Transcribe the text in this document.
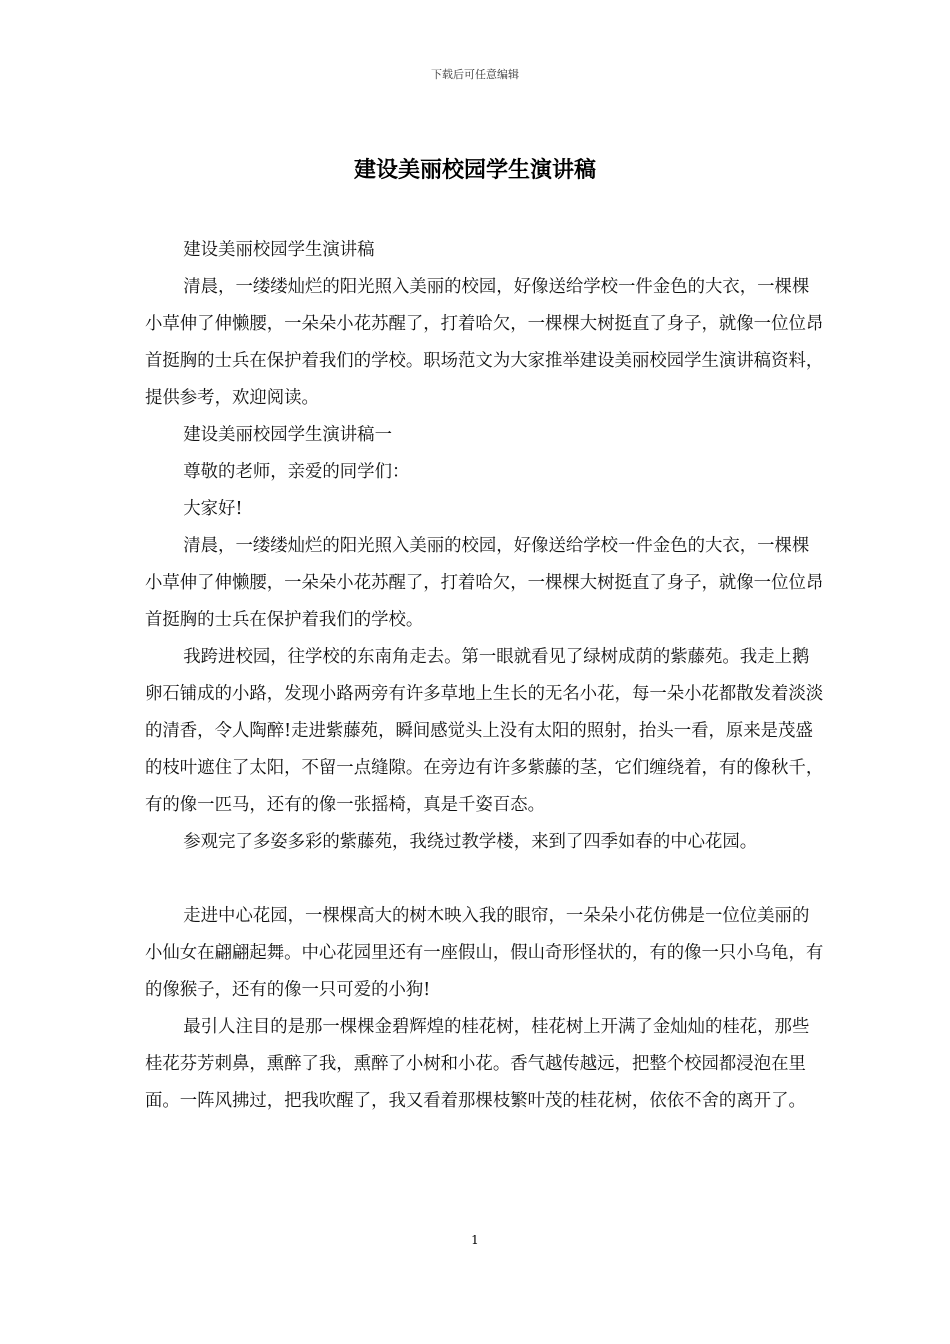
下载后可任意编辑
建设美丽校园学生演讲稿

建设美丽校园学生演讲稿

清晨，一缕缕灿烂的阳光照入美丽的校园，好像送给学校一件金色的大衣，一棵棵小草伸了伸懒腰，一朵朵小花苏醒了，打着哈欠，一棵棵大树挺直了身子，就像一位位昂首挺胸的士兵在保护着我们的学校。职场范文为大家推举建设美丽校园学生演讲稿资料，提供参考，欢迎阅读。

建设美丽校园学生演讲稿一

尊敬的老师，亲爱的同学们：

大家好!

清晨，一缕缕灿烂的阳光照入美丽的校园，好像送给学校一件金色的大衣，一棵棵小草伸了伸懒腰，一朵朵小花苏醒了，打着哈欠，一棵棵大树挺直了身子，就像一位位昂首挺胸的士兵在保护着我们的学校。

我跨进校园，往学校的东南角走去。第一眼就看见了绿树成荫的紫藤苑。我走上鹅卵石铺成的小路，发现小路两旁有许多草地上生长的无名小花，每一朵小花都散发着淡淡的清香，令人陶醉!走进紫藤苑，瞬间感觉头上没有太阳的照射，抬头一看，原来是茂盛的枝叶遮住了太阳，不留一点缝隙。在旁边有许多紫藤的茎，它们缠绕着，有的像秋千，有的像一匹马，还有的像一张摇椅，真是千姿百态。

参观完了多姿多彩的紫藤苑，我绕过教学楼，来到了四季如春的中心花园。

走进中心花园，一棵棵高大的树木映入我的眼帘，一朵朵小花仿佛是一位位美丽的小仙女在翩翩起舞。中心花园里还有一座假山，假山奇形怪状的，有的像一只小乌龟，有的像猴子，还有的像一只可爱的小狗!

最引人注目的是那一棵棵金碧辉煌的桂花树，桂花树上开满了金灿灿的桂花，那些桂花芬芳刺鼻，熏醉了我，熏醉了小树和小花。香气越传越远，把整个校园都浸泡在里面。一阵风拂过，把我吹醒了，我又看着那棵枝繁叶茂的桂花树，依依不舍的离开了。

1
